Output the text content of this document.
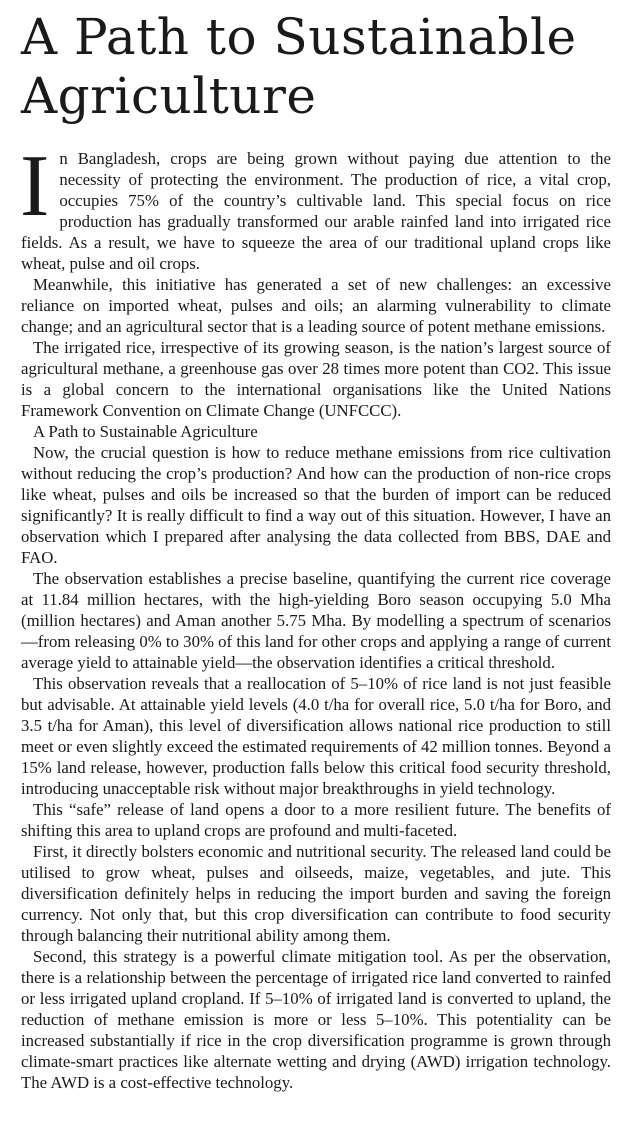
A Path to Sustainable Agriculture

In Bangladesh, crops are being grown without paying due attention to the necessity of protecting the environment. The production of rice, a vital crop, occupies 75% of the country’s cultivable land. This special focus on rice production has gradually transformed our arable rainfed land into irrigated rice fields. As a result, we have to squeeze the area of our traditional upland crops like wheat, pulse and oil crops.

Meanwhile, this initiative has generated a set of new challenges: an excessive reliance on imported wheat, pulses and oils; an alarming vulnerability to climate change; and an agricultural sector that is a leading source of potent methane emissions.

The irrigated rice, irrespective of its growing season, is the nation’s largest source of agricultural methane, a greenhouse gas over 28 times more potent than CO2. This issue is a global concern to the international organisations like the United Nations Framework Convention on Climate Change (UNFCCC).

A Path to Sustainable Agriculture

Now, the crucial question is how to reduce methane emissions from rice cultivation without reducing the crop’s production? And how can the production of non-rice crops like wheat, pulses and oils be increased so that the burden of import can be reduced significantly? It is really difficult to find a way out of this situation. However, I have an observation which I prepared after analysing the data collected from BBS, DAE and FAO.

The observation establishes a precise baseline, quantifying the current rice coverage at 11.84 million hectares, with the high-yielding Boro season occupying 5.0 Mha (million hectares) and Aman another 5.75 Mha. By modelling a spectrum of scenarios—from releasing 0% to 30% of this land for other crops and applying a range of current average yield to attainable yield—the observation identifies a critical threshold.

This observation reveals that a reallocation of 5–10% of rice land is not just feasible but advisable. At attainable yield levels (4.0 t/ha for overall rice, 5.0 t/ha for Boro, and 3.5 t/ha for Aman), this level of diversification allows national rice production to still meet or even slightly exceed the estimated requirements of 42 million tonnes. Beyond a 15% land release, however, production falls below this critical food security threshold, introducing unacceptable risk without major breakthroughs in yield technology.

This “safe” release of land opens a door to a more resilient future. The benefits of shifting this area to upland crops are profound and multi-faceted.

First, it directly bolsters economic and nutritional security. The released land could be utilised to grow wheat, pulses and oilseeds, maize, vegetables, and jute. This diversification definitely helps in reducing the import burden and saving the foreign currency. Not only that, but this crop diversification can contribute to food security through balancing their nutritional ability among them.

Second, this strategy is a powerful climate mitigation tool. As per the observation, there is a relationship between the percentage of irrigated rice land converted to rainfed or less irrigated upland cropland. If 5–10% of irrigated land is converted to upland, the reduction of methane emission is more or less 5–10%. This potentiality can be increased substantially if rice in the crop diversification programme is grown through climate-smart practices like alternate wetting and drying (AWD) irrigation technology. The AWD is a cost-effective technology.
